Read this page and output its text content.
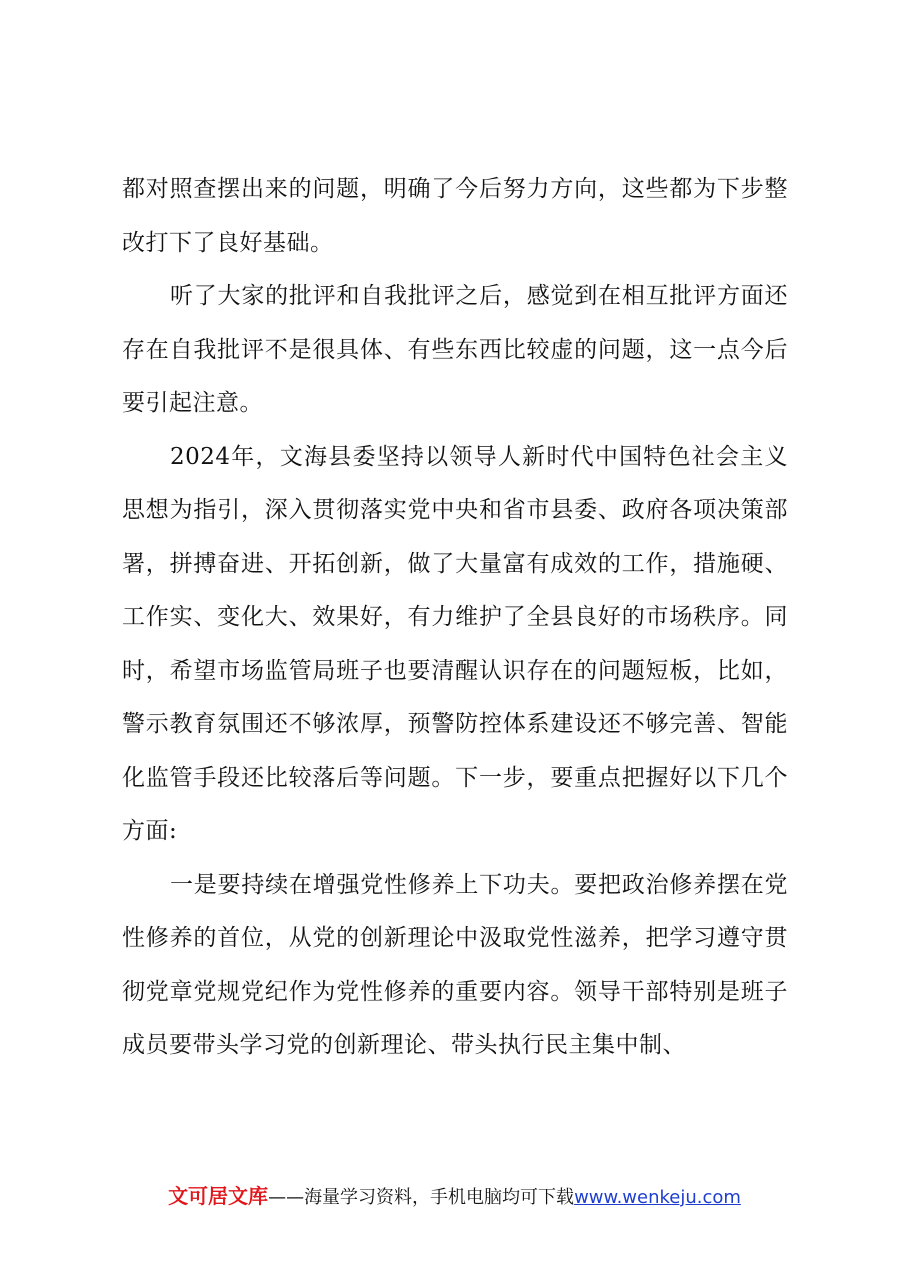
都对照查摆出来的问题，明确了今后努力方向，这些都为下步整改打下了良好基础。

听了大家的批评和自我批评之后，感觉到在相互批评方面还存在自我批评不是很具体、有些东西比较虚的问题，这一点今后要引起注意。

2024年，文海县委坚持以领导人新时代中国特色社会主义思想为指引，深入贯彻落实党中央和省市县委、政府各项决策部署，拼搏奋进、开拓创新，做了大量富有成效的工作，措施硬、工作实、变化大、效果好，有力维护了全县良好的市场秩序。同时，希望市场监管局班子也要清醒认识存在的问题短板，比如，警示教育氛围还不够浓厚，预警防控体系建设还不够完善、智能化监管手段还比较落后等问题。下一步，要重点把握好以下几个方面:

一是要持续在增强党性修养上下功夫。要把政治修养摆在党性修养的首位，从党的创新理论中汲取党性滋养，把学习遵守贯彻党章党规党纪作为党性修养的重要内容。领导干部特别是班子成员要带头学习党的创新理论、带头执行民主集中制、

文可居文库——海量学习资料，手机电脑均可下载www.wenkeju.com
